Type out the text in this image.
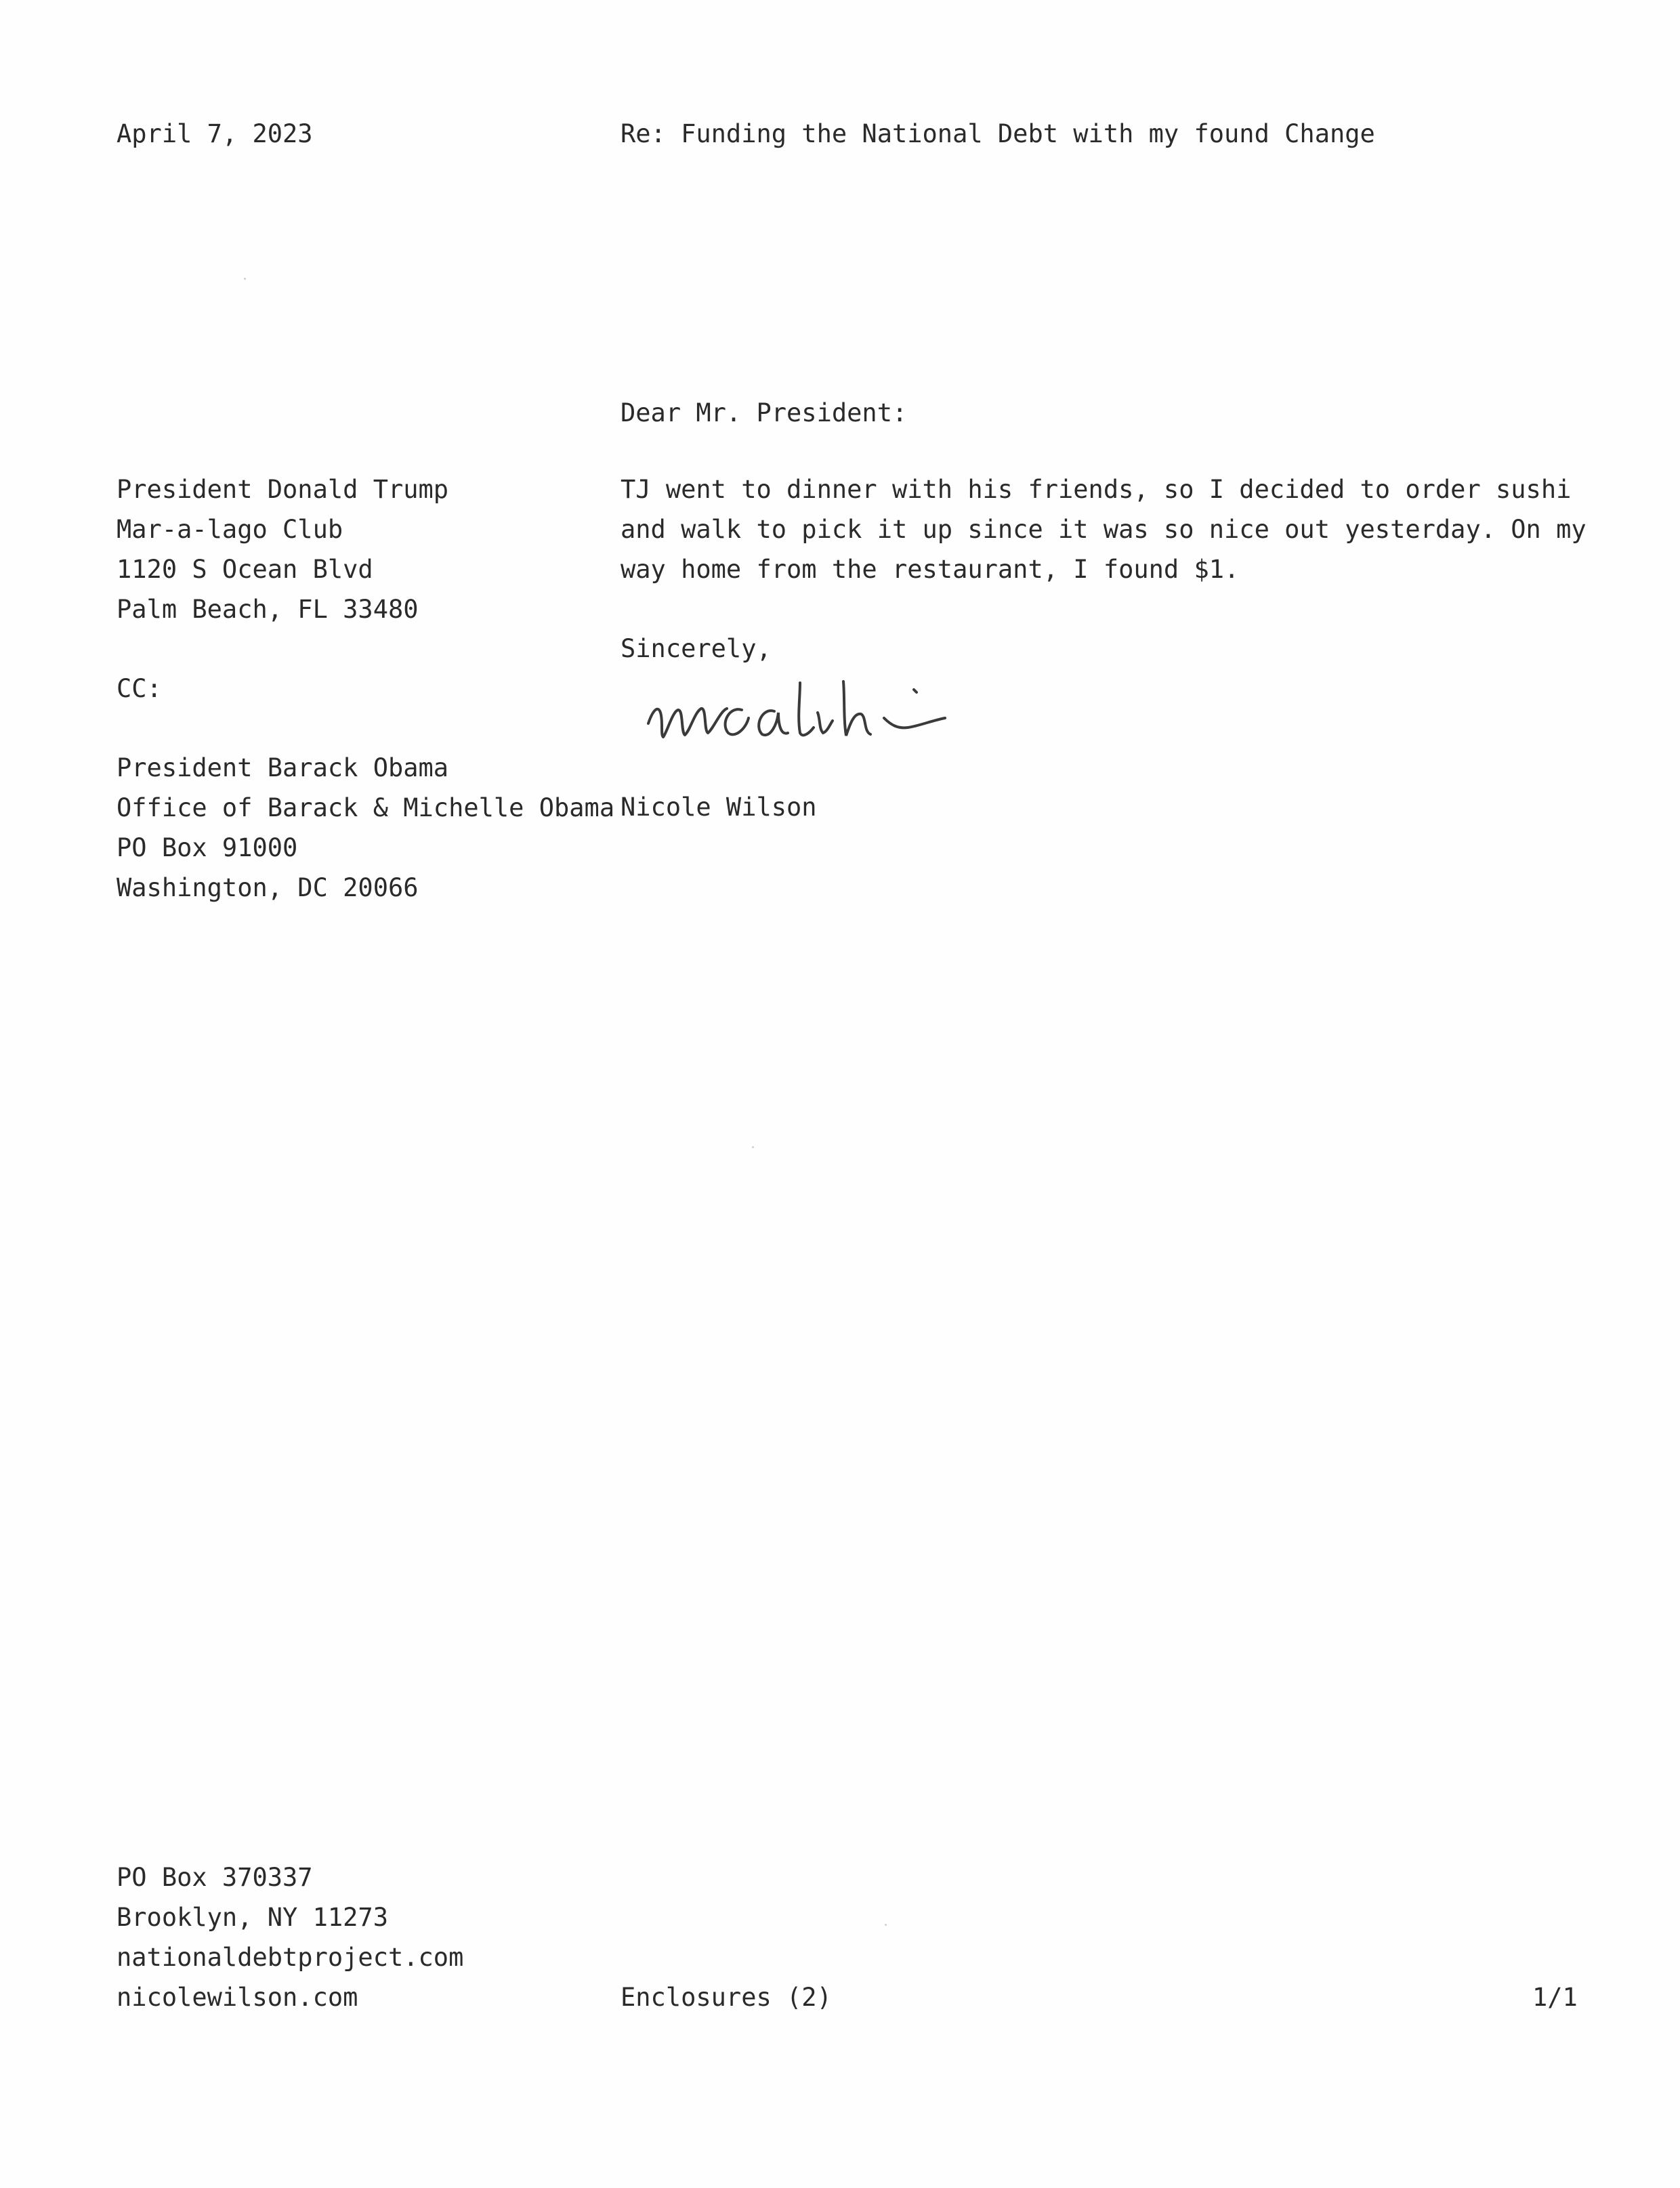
April 7, 2023	Re: Funding the National Debt with my found Change
Dear Mr. President:
President Donald Trump
Mar-a-lago Club
1120 S Ocean Blvd
Palm Beach, FL 33480
TJ went to dinner with his friends, so I decided to order sushi and walk to pick it up since it was so nice out yesterday. On my way home from the restaurant, I found $1.
Sincerely,
CC:
President Barack Obama
Office of Barack & Michelle Obama
PO Box 91000
Washington, DC 20066
Nicole Wilson
PO Box 370337
Brooklyn, NY 11273
nationaldebtproject.com
nicolewilson.com	Enclosures (2)	1/1
